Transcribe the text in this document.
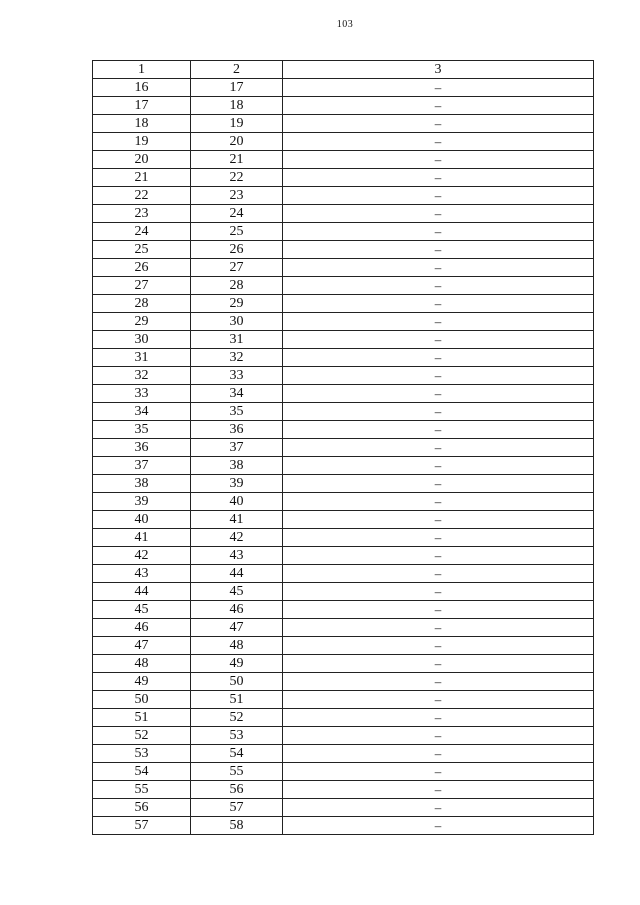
103
1	2	3
16	17	–
17	18	–
18	19	–
19	20	–
20	21	–
21	22	–
22	23	–
23	24	–
24	25	–
25	26	–
26	27	–
27	28	–
28	29	–
29	30	–
30	31	–
31	32	–
32	33	–
33	34	–
34	35	–
35	36	–
36	37	–
37	38	–
38	39	–
39	40	–
40	41	–
41	42	–
42	43	–
43	44	–
44	45	–
45	46	–
46	47	–
47	48	–
48	49	–
49	50	–
50	51	–
51	52	–
52	53	–
53	54	–
54	55	–
55	56	–
56	57	–
57	58	–
